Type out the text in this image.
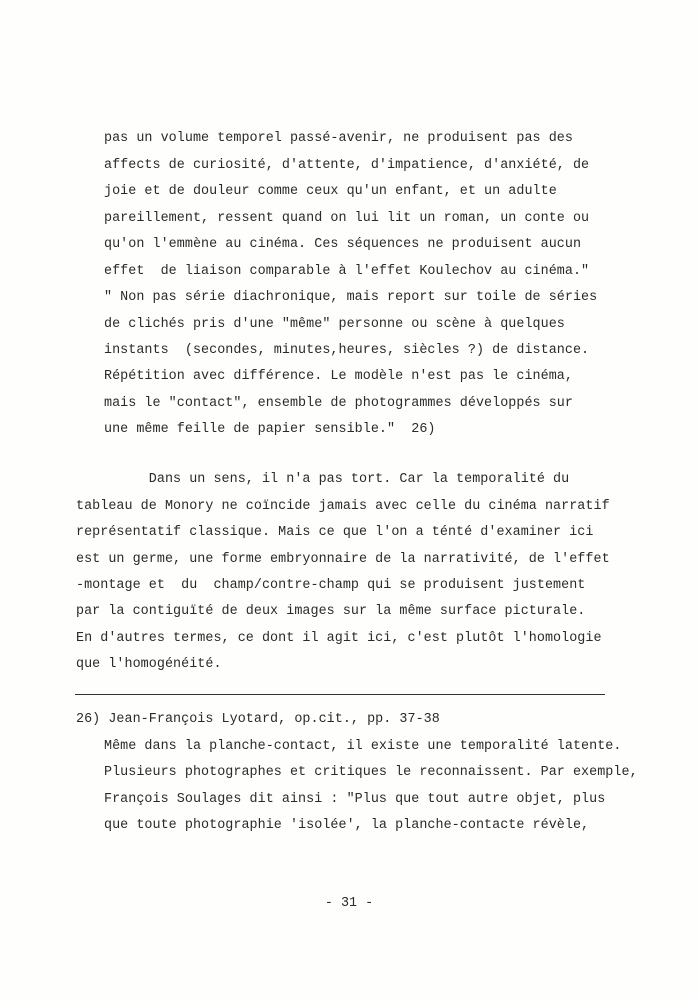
pas un volume temporel passé-avenir, ne produisent pas des
affects de curiosité, d'attente, d'impatience, d'anxiété, de
joie et de douleur comme ceux qu'un enfant, et un adulte
pareillement, ressent quand on lui lit un roman, un conte ou
qu'on l'emmène au cinéma. Ces séquences ne produisent aucun
effet  de liaison comparable à l'effet Koulechov au cinéma."
" Non pas série diachronique, mais report sur toile de séries
de clichés pris d'une "même" personne ou scène à quelques
instants  (secondes, minutes,heures, siècles ?) de distance.
Répétition avec différence. Le modèle n'est pas le cinéma,
mais le "contact", ensemble de photogrammes développés sur
une même feille de papier sensible."  26)
Dans un sens, il n'a pas tort. Car la temporalité du
tableau de Monory ne coïncide jamais avec celle du cinéma narratif
représentatif classique. Mais ce que l'on a ténté d'examiner ici
est un germe, une forme embryonnaire de la narrativité, de l'effet
-montage et  du  champ/contre-champ qui se produisent justement
par la contiguïté de deux images sur la même surface picturale.
En d'autres termes, ce dont il agit ici, c'est plutôt l'homologie
que l'homogénéité.
26) Jean-François Lyotard, op.cit., pp. 37-38
Même dans la planche-contact, il existe une temporalité latente.
Plusieurs photographes et critiques le reconnaissent. Par exemple,
François Soulages dit ainsi : "Plus que tout autre objet, plus
que toute photographie 'isolée', la planche-contacte révèle,
- 31 -
